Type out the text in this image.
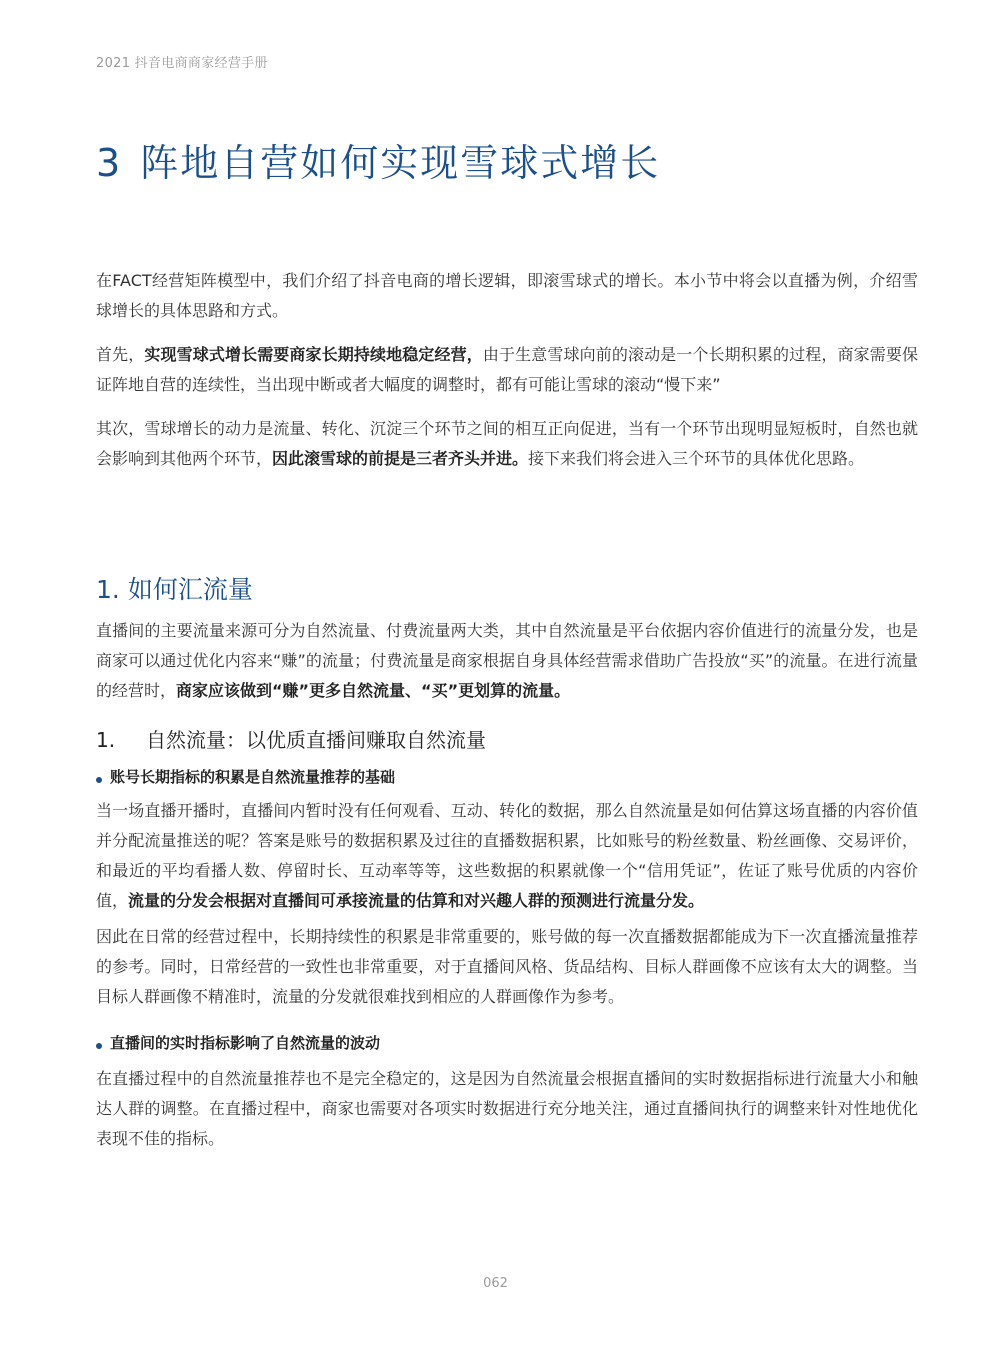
2021 抖音电商商家经营手册
3 阵地自营如何实现雪球式增长

在FACT经营矩阵模型中，我们介绍了抖音电商的增长逻辑，即滚雪球式的增长。本小节中将会以直播为例，介绍雪球增长的具体思路和方式。

首先，实现雪球式增长需要商家长期持续地稳定经营，由于生意雪球向前的滚动是一个长期积累的过程，商家需要保证阵地自营的连续性，当出现中断或者大幅度的调整时，都有可能让雪球的滚动“慢下来”

其次，雪球增长的动力是流量、转化、沉淀三个环节之间的相互正向促进，当有一个环节出现明显短板时，自然也就会影响到其他两个环节，因此滚雪球的前提是三者齐头并进。接下来我们将会进入三个环节的具体优化思路。

1. 如何汇流量

直播间的主要流量来源可分为自然流量、付费流量两大类，其中自然流量是平台依据内容价值进行的流量分发，也是商家可以通过优化内容来“赚”的流量；付费流量是商家根据自身具体经营需求借助广告投放“买”的流量。在进行流量的经营时，商家应该做到“赚”更多自然流量、“买”更划算的流量。

1. 自然流量：以优质直播间赚取自然流量
账号长期指标的积累是自然流量推荐的基础

当一场直播开播时，直播间内暂时没有任何观看、互动、转化的数据，那么自然流量是如何估算这场直播的内容价值并分配流量推送的呢？答案是账号的数据积累及过往的直播数据积累，比如账号的粉丝数量、粉丝画像、交易评价，和最近的平均看播人数、停留时长、互动率等等，这些数据的积累就像一个“信用凭证”，佐证了账号优质的内容价值，流量的分发会根据对直播间可承接流量的估算和对兴趣人群的预测进行流量分发。

因此在日常的经营过程中，长期持续性的积累是非常重要的，账号做的每一次直播数据都能成为下一次直播流量推荐的参考。同时，日常经营的一致性也非常重要，对于直播间风格、货品结构、目标人群画像不应该有太大的调整。当目标人群画像不精准时，流量的分发就很难找到相应的人群画像作为参考。

直播间的实时指标影响了自然流量的波动

在直播过程中的自然流量推荐也不是完全稳定的，这是因为自然流量会根据直播间的实时数据指标进行流量大小和触达人群的调整。在直播过程中，商家也需要对各项实时数据进行充分地关注，通过直播间执行的调整来针对性地优化表现不佳的指标。

062
